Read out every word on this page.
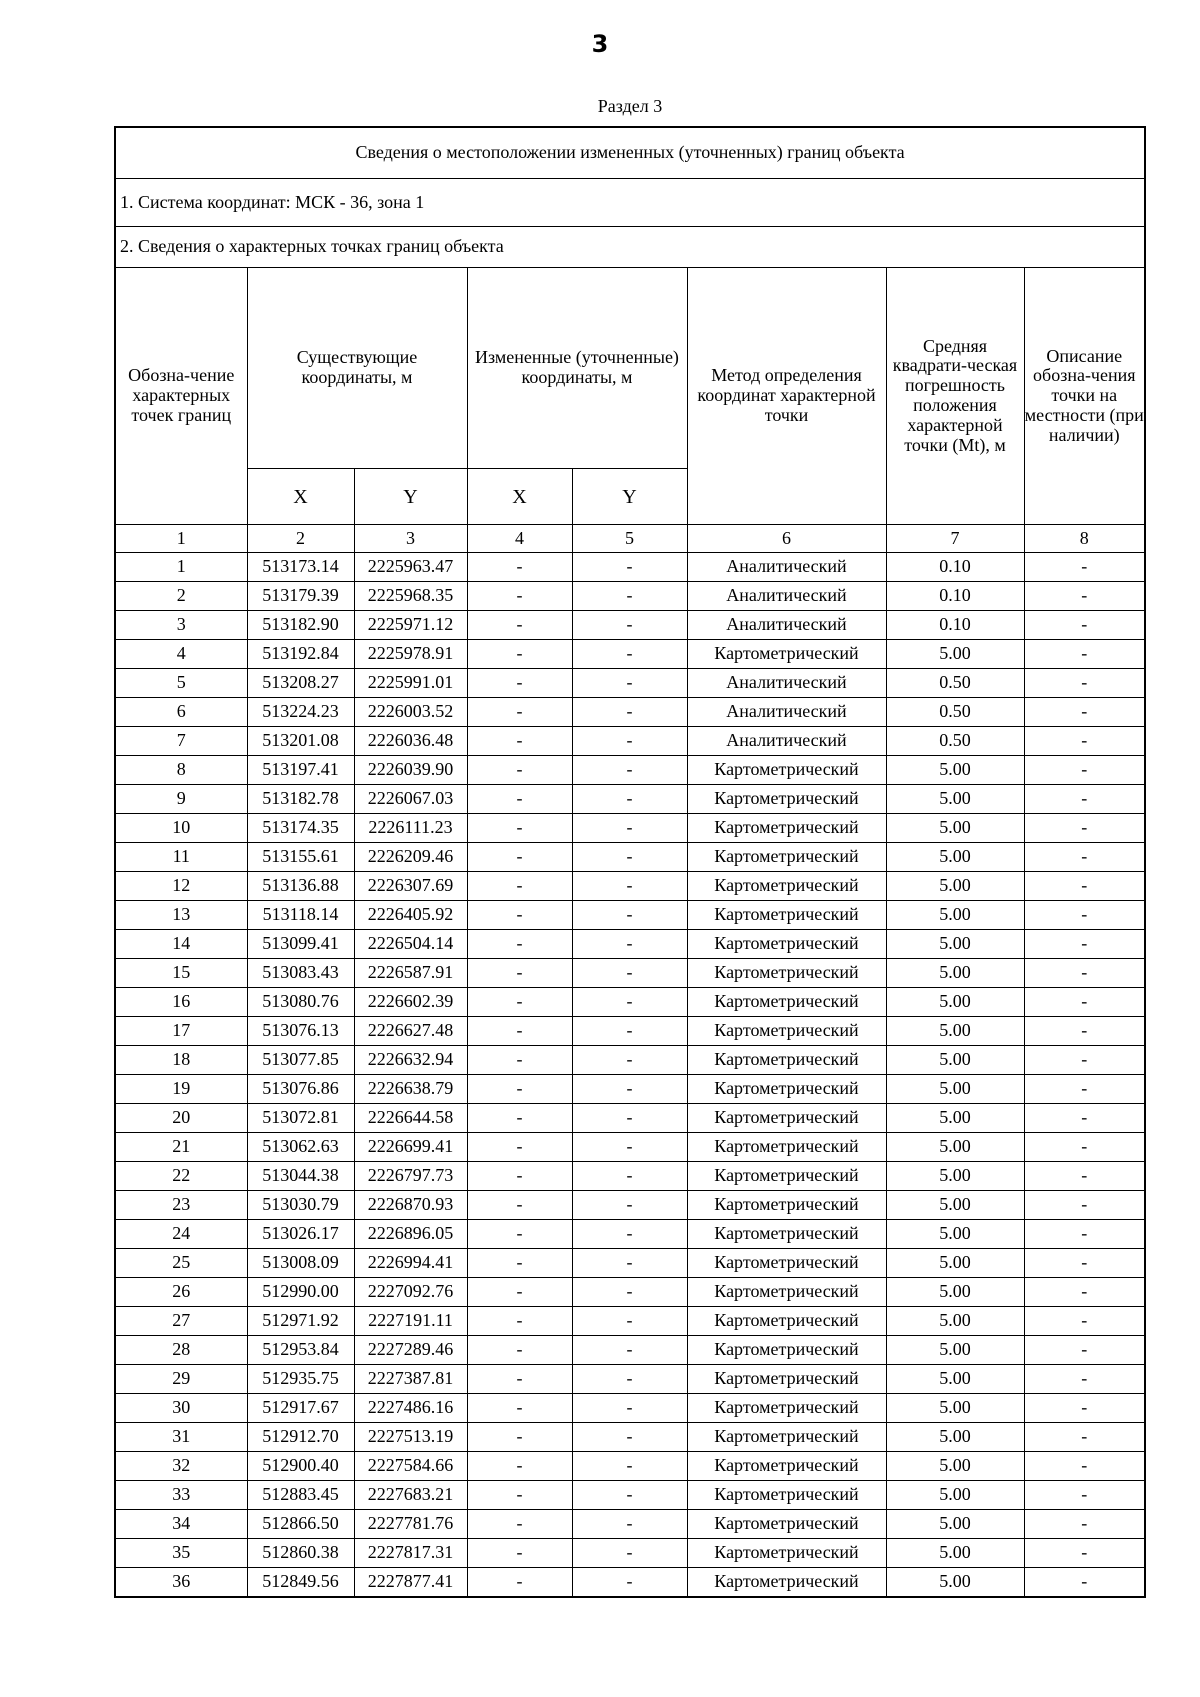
3
Раздел 3
Сведения о местоположении измененных (уточненных) границ объекта							
1. Система координат: МСК - 36, зона 1							
2. Сведения о характерных точках границ объекта							
Обозна-чение характерных точек границ	Существующие координаты, м		Измененные (уточненные) координаты, м		Метод определения координат характерной точки	Средняя квадрати-ческая погрешность положения характерной точки (Mt), м	Описание обозна-чения точки на местности (при наличии)
	X	Y	X	Y			
1	2	3	4	5	6	7	8
1	513173.14	2225963.47	-	-	Аналитический	0.10	-
2	513179.39	2225968.35	-	-	Аналитический	0.10	-
3	513182.90	2225971.12	-	-	Аналитический	0.10	-
4	513192.84	2225978.91	-	-	Картометрический	5.00	-
5	513208.27	2225991.01	-	-	Аналитический	0.50	-
6	513224.23	2226003.52	-	-	Аналитический	0.50	-
7	513201.08	2226036.48	-	-	Аналитический	0.50	-
8	513197.41	2226039.90	-	-	Картометрический	5.00	-
9	513182.78	2226067.03	-	-	Картометрический	5.00	-
10	513174.35	2226111.23	-	-	Картометрический	5.00	-
11	513155.61	2226209.46	-	-	Картометрический	5.00	-
12	513136.88	2226307.69	-	-	Картометрический	5.00	-
13	513118.14	2226405.92	-	-	Картометрический	5.00	-
14	513099.41	2226504.14	-	-	Картометрический	5.00	-
15	513083.43	2226587.91	-	-	Картометрический	5.00	-
16	513080.76	2226602.39	-	-	Картометрический	5.00	-
17	513076.13	2226627.48	-	-	Картометрический	5.00	-
18	513077.85	2226632.94	-	-	Картометрический	5.00	-
19	513076.86	2226638.79	-	-	Картометрический	5.00	-
20	513072.81	2226644.58	-	-	Картометрический	5.00	-
21	513062.63	2226699.41	-	-	Картометрический	5.00	-
22	513044.38	2226797.73	-	-	Картометрический	5.00	-
23	513030.79	2226870.93	-	-	Картометрический	5.00	-
24	513026.17	2226896.05	-	-	Картометрический	5.00	-
25	513008.09	2226994.41	-	-	Картометрический	5.00	-
26	512990.00	2227092.76	-	-	Картометрический	5.00	-
27	512971.92	2227191.11	-	-	Картометрический	5.00	-
28	512953.84	2227289.46	-	-	Картометрический	5.00	-
29	512935.75	2227387.81	-	-	Картометрический	5.00	-
30	512917.67	2227486.16	-	-	Картометрический	5.00	-
31	512912.70	2227513.19	-	-	Картометрический	5.00	-
32	512900.40	2227584.66	-	-	Картометрический	5.00	-
33	512883.45	2227683.21	-	-	Картометрический	5.00	-
34	512866.50	2227781.76	-	-	Картометрический	5.00	-
35	512860.38	2227817.31	-	-	Картометрический	5.00	-
36	512849.56	2227877.41	-	-	Картометрический	5.00	-
